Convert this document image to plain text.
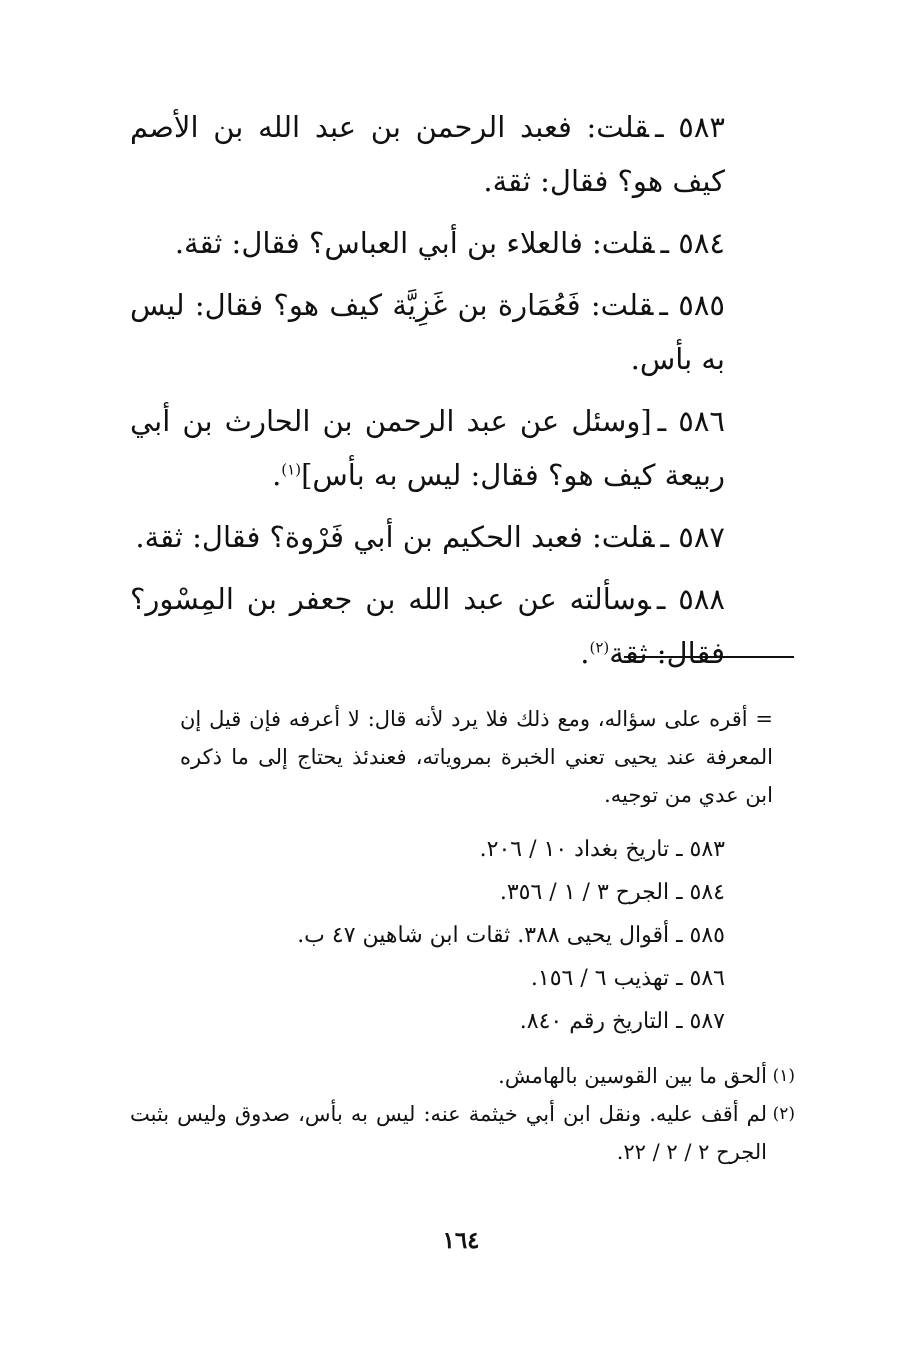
٥٨٣ ـقلت: فعبد الرحمن بن عبد الله بن الأصم كيف هو؟ فقال: ثقة.

٥٨٤ ـقلت: فالعلاء بن أبي العباس؟ فقال: ثقة.

٥٨٥ ـقلت: فَعُمَارة بن غَزِيَّة كيف هو؟ فقال: ليس به بأس.

٥٨٦ ـ[وسئل عن عبد الرحمن بن الحارث بن أبي ربيعة كيف هو؟ فقال: ليس به بأس]$^{(١)}$.

٥٨٧ ـقلت: فعبد الحكيم بن أبي فَرْوة؟ فقال: ثقة.

٥٨٨ ـوسألته عن عبد الله بن جعفر بن المِسْور؟ فقال: ثقة$^{(٢)}$.

= أقره على سؤاله، ومع ذلك فلا يرد لأنه قال: لا أعرفه فإن قيل إن المعرفة عند يحيى تعني الخبرة بمروياته، فعندئذ يحتاج إلى ما ذكره ابن عدي من توجيه.

٥٨٣ ـ تاريخ بغداد ١٠ / ٢٠٦.
٥٨٤ ـ الجرح ٣ / ١ / ٣٥٦.
٥٨٥ ـ أقوال يحيى ٣٨٨. ثقات ابن شاهين ٤٧ ب.
٥٨٦ ـ تهذيب ٦ / ١٥٦.
٥٨٧ ـ التاريخ رقم ٨٤٠.
(١)
ألحق ما بين القوسين بالهامش.
(٢)
لم أقف عليه. ونقل ابن أبي خيثمة عنه: ليس به بأس، صدوق وليس بثبت الجرح ٢ / ٢ / ٢٢.
١٦٤
